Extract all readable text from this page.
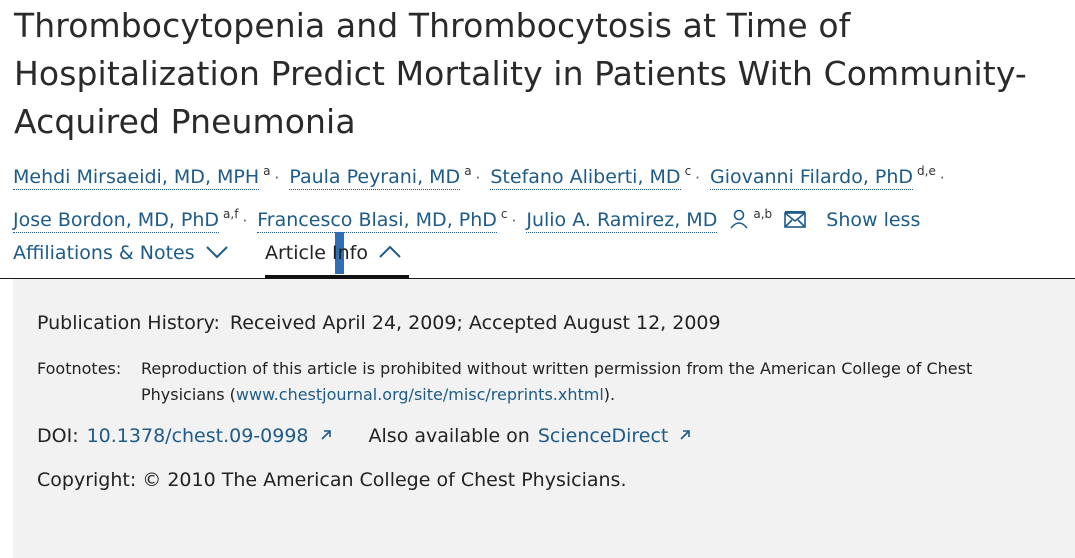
Thrombocytopenia and Thrombocytosis at Time of Hospitalization Predict Mortality in Patients With Community-Acquired Pneumonia
Mehdi Mirsaeidi, MD, MPH $^a$ · Paula Peyrani, MD $^a$ · Stefano Aliberti, MD $^c$ · Giovanni Filardo, PhD $^{d,e}$ ·
Jose Bordon, MD, PhD $^{a,f}$ · Francesco Blasi, MD, PhD $^c$ · Julio A. Ramirez, MD	$^{a,b}$	Show less
Affiliations & Notes	Article Info
Publication History: Received April 24, 2009; Accepted August 12, 2009
Footnotes:	Reproduction of this article is prohibited without written permission from the American College of Chest Physicians (www.chestjournal.org/site/misc/reprints.xhtml).
DOI: 10.1378/chest.09-0998	Also available on ScienceDirect
Copyright: © 2010 The American College of Chest Physicians.
